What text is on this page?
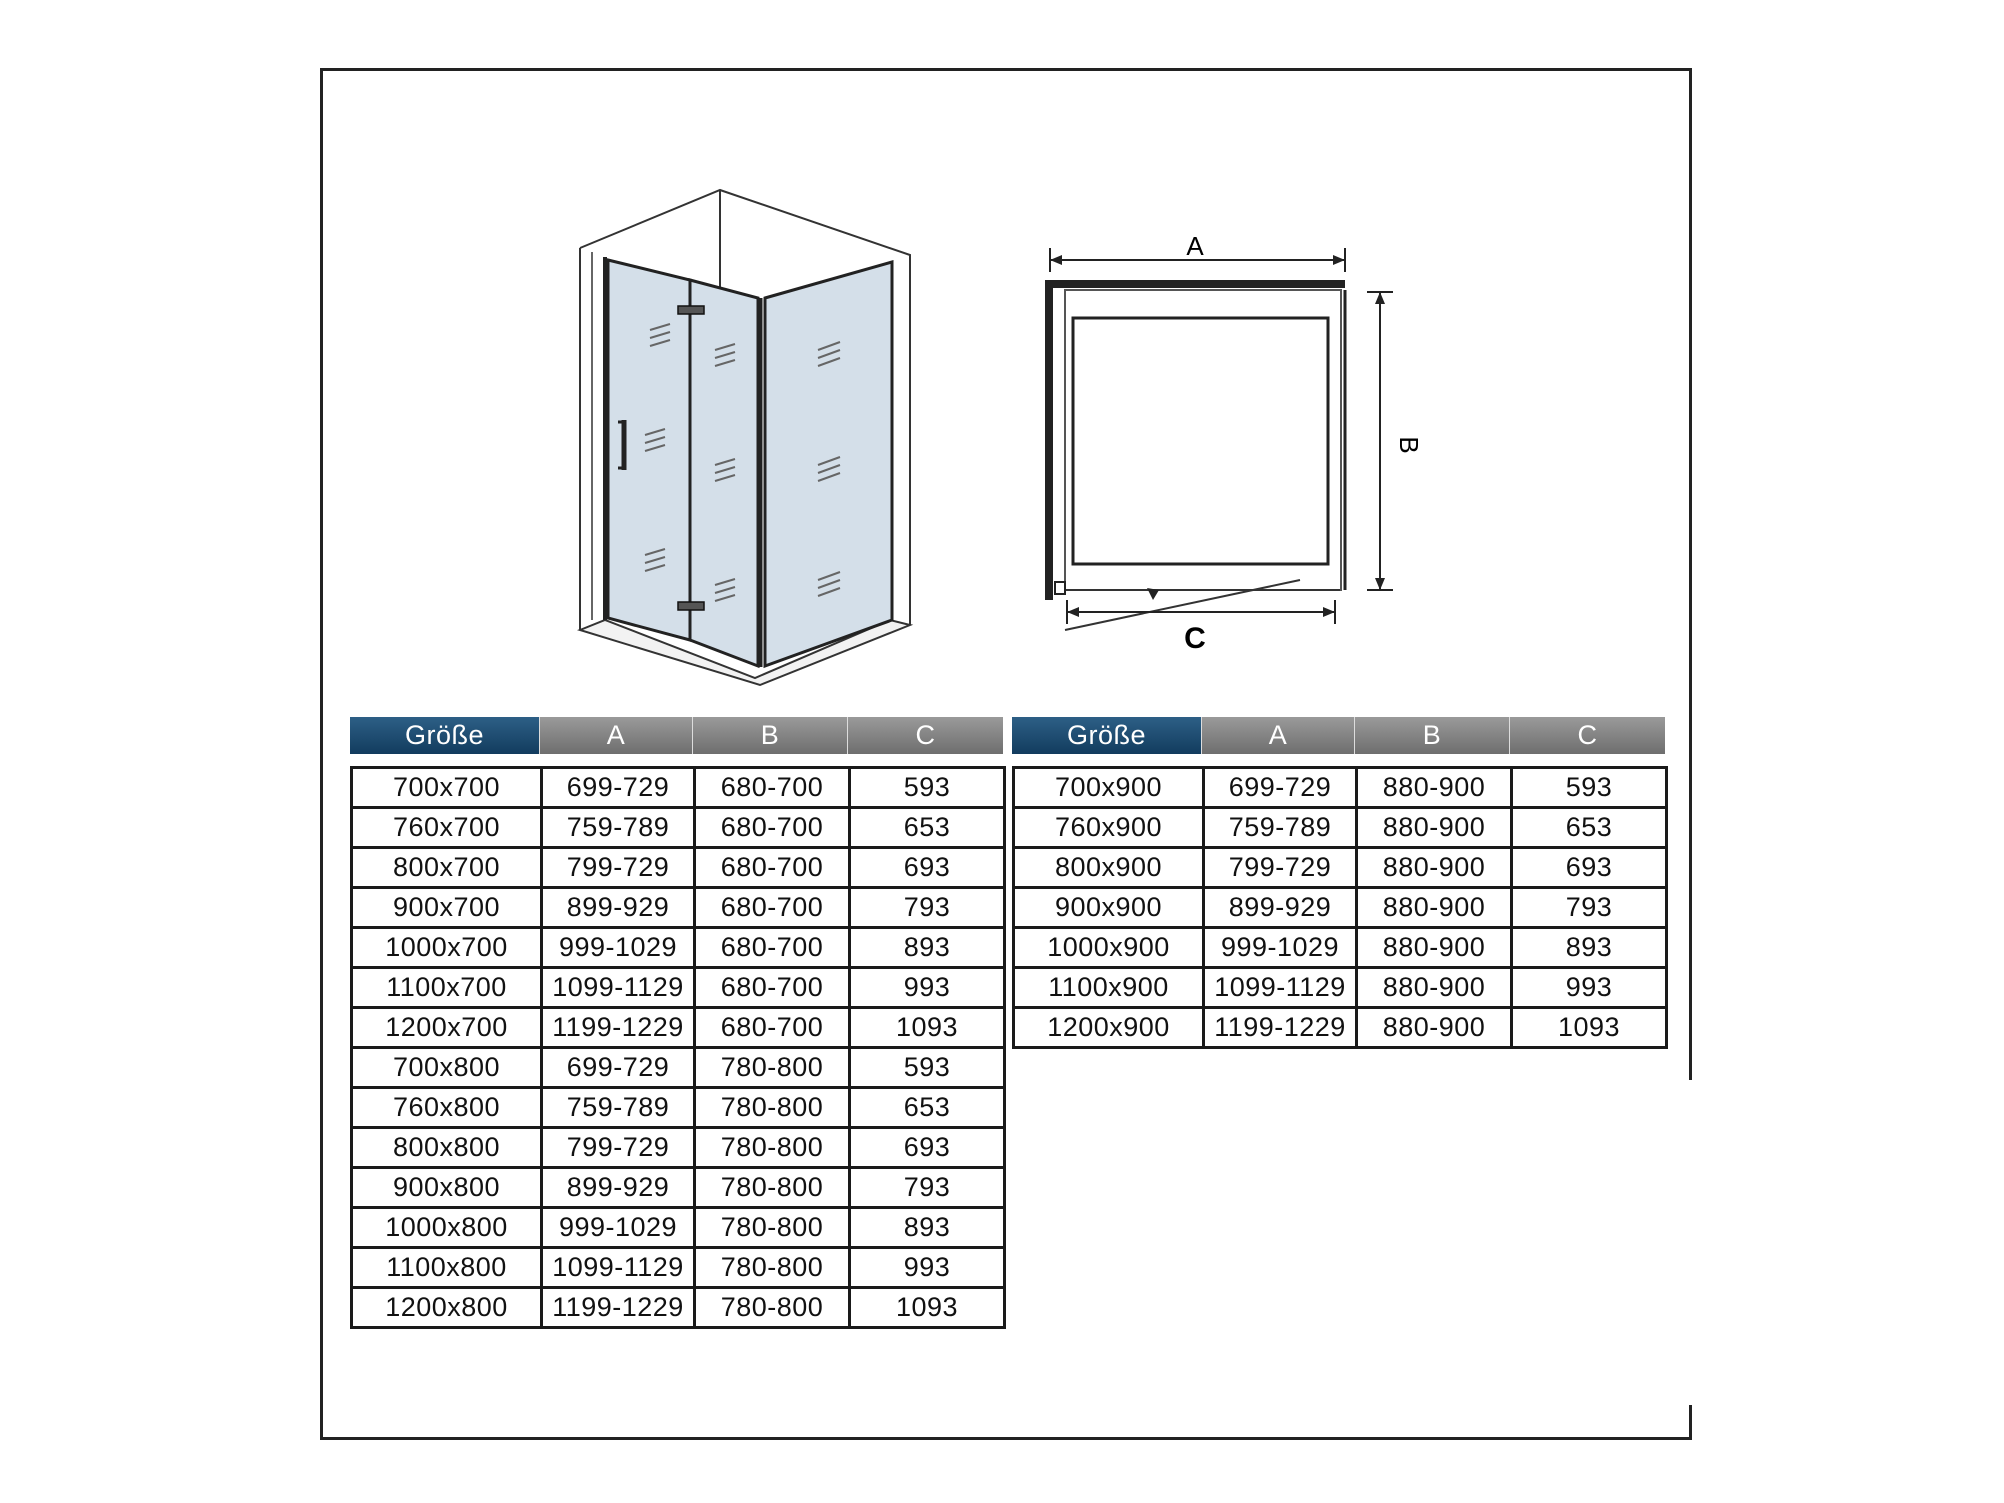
A
B
C
Größe	A	B	C
700x700	699-729	680-700	593
760x700	759-789	680-700	653
800x700	799-729	680-700	693
900x700	899-929	680-700	793
1000x700	999-1029	680-700	893
1100x700	1099-1129	680-700	993
1200x700	1199-1229	680-700	1093
700x800	699-729	780-800	593
760x800	759-789	780-800	653
800x800	799-729	780-800	693
900x800	899-929	780-800	793
1000x800	999-1029	780-800	893
1100x800	1099-1129	780-800	993
1200x800	1199-1229	780-800	1093
Größe	A	B	C
700x900	699-729	880-900	593
760x900	759-789	880-900	653
800x900	799-729	880-900	693
900x900	899-929	880-900	793
1000x900	999-1029	880-900	893
1100x900	1099-1129	880-900	993
1200x900	1199-1229	880-900	1093
